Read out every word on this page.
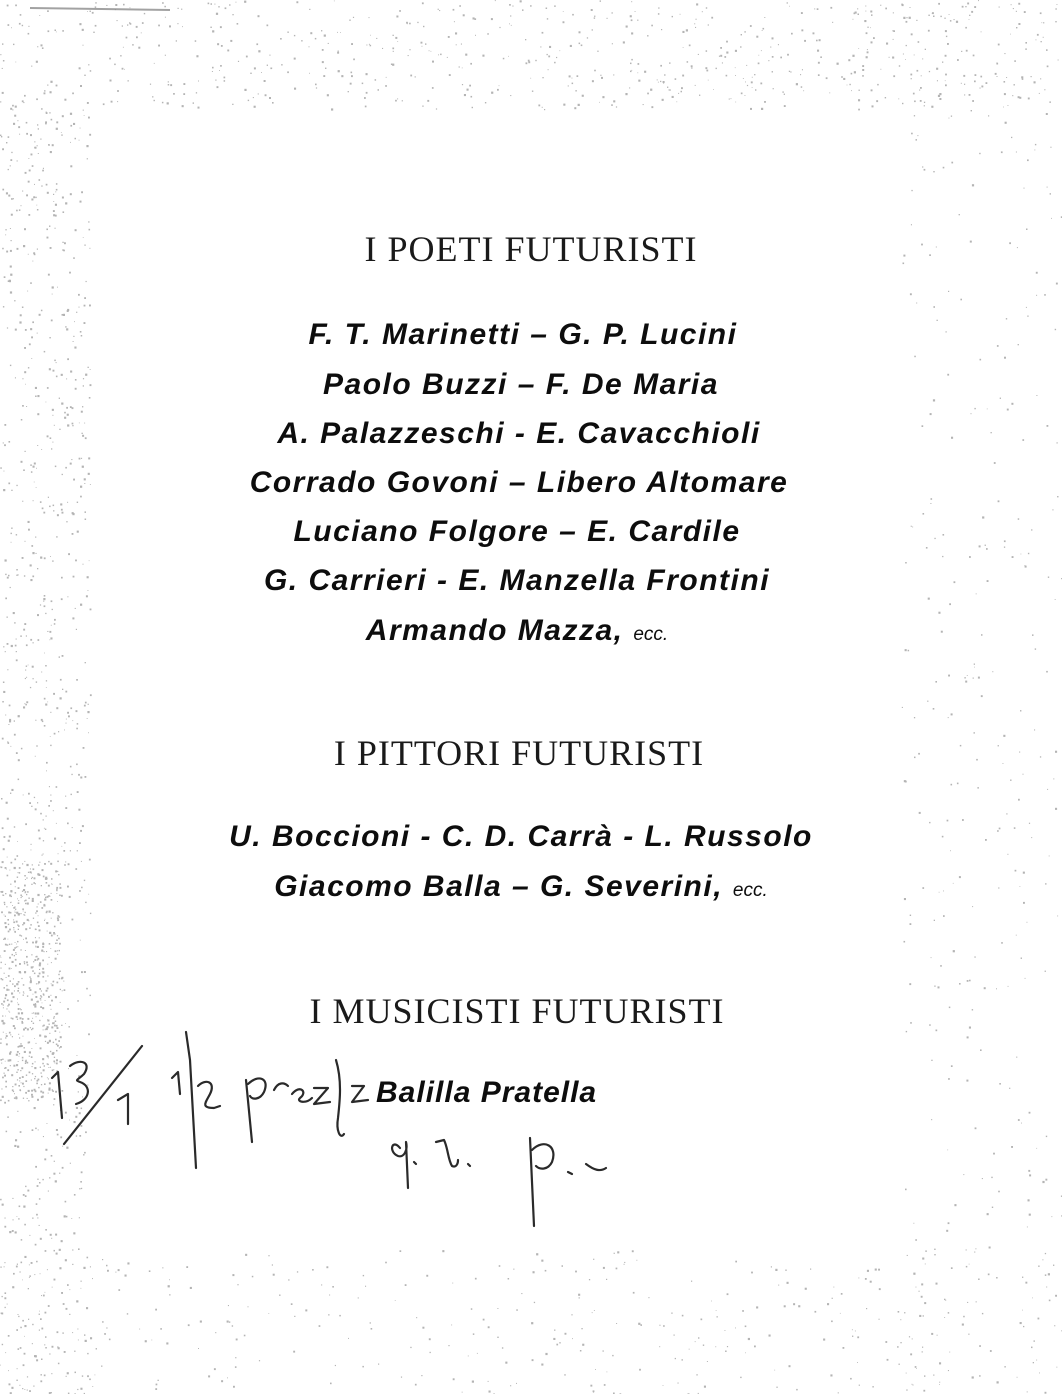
I POETI FUTURISTI
F. T. Marinetti – G. P. Lucini
Paolo Buzzi – F. De Maria
A. Palazzeschi - E. Cavacchioli
Corrado Govoni – Libero Altomare
Luciano Folgore – E. Cardile
G. Carrieri - E. Manzella Frontini
Armando Mazza, ecc.
I PITTORI FUTURISTI
U. Boccioni - C. D. Carrà - L. Russolo
Giacomo Balla – G. Severini, ecc.
I MUSICISTI FUTURISTI
Balilla Pratella
